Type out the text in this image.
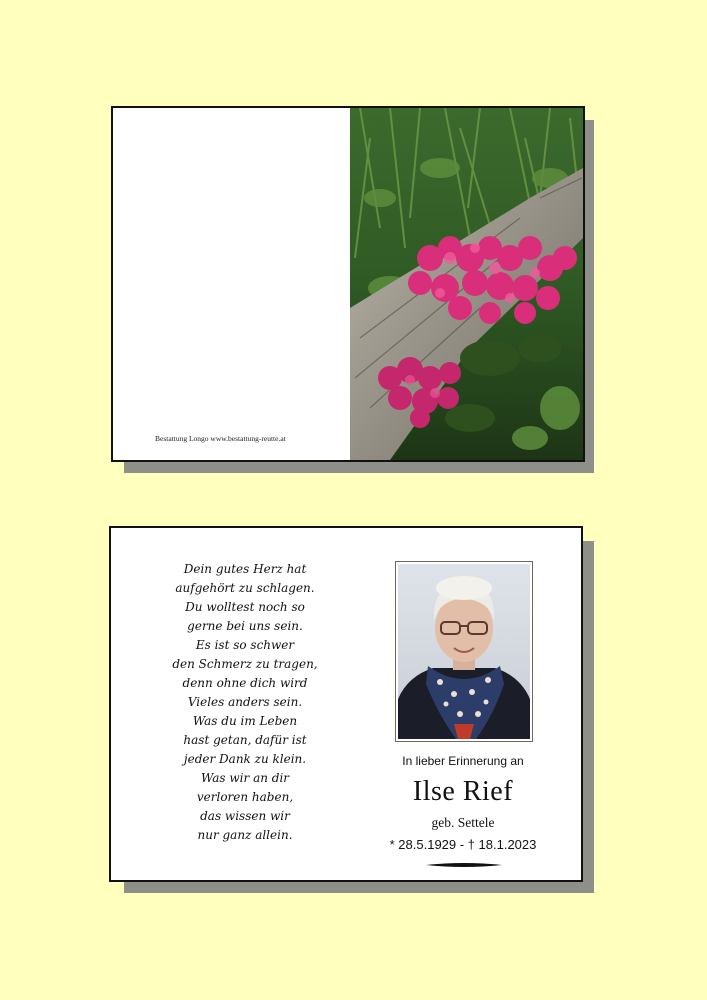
Bestattung Longo www.bestattung-reutte.at
Dein gutes Herz hat
aufgehört zu schlagen.
Du wolltest noch so
gerne bei uns sein.
Es ist so schwer
den Schmerz zu tragen,
denn ohne dich wird
Vieles anders sein.
Was du im Leben
hast getan, dafür ist
jeder Dank zu klein.
Was wir an dir
verloren haben,
das wissen wir
nur ganz allein.
In lieber Erinnerung an
Ilse Rief
geb. Settele
* 28.5.1929 - † 18.1.2023
